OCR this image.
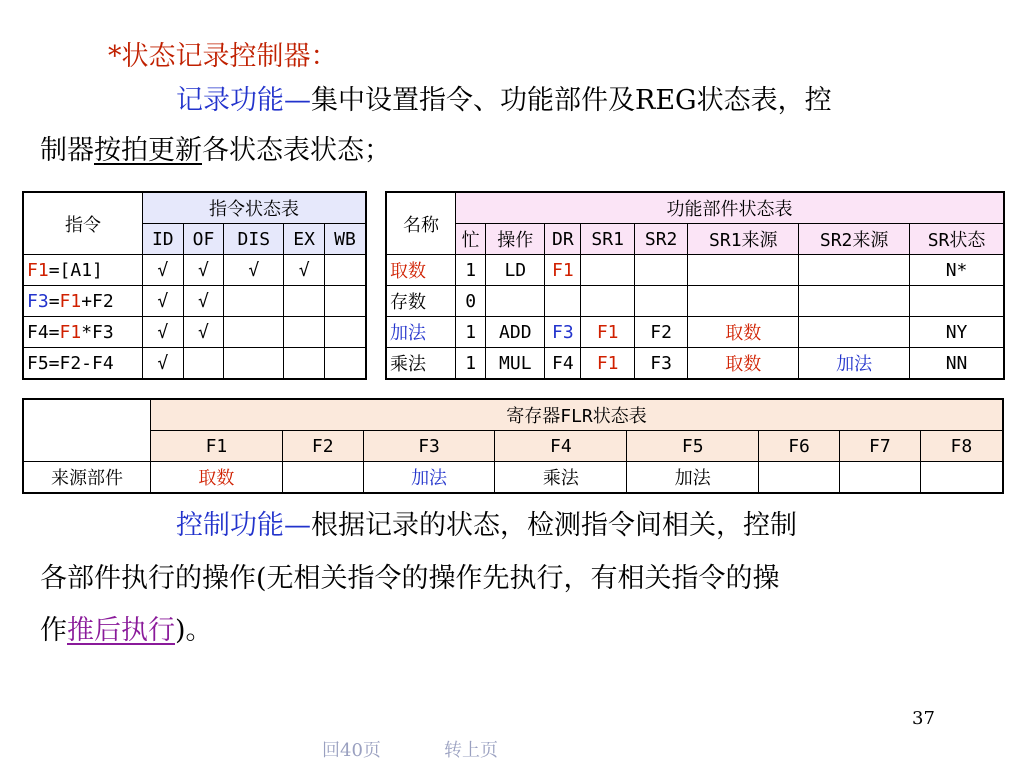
*状态记录控制器：
记录功能—集中设置指令、功能部件及REG状态表，控
制器按拍更新各状态表状态；
指令	指令状态表				
	ID	OF	DIS	EX	WB
F1=[A1]	√	√	√	√	
F3=F1+F2	√	√			
F4=F1*F3	√	√			
F5=F2-F4	√				
名称	功能部件状态表							
	忙	操作	DR	SR1	SR2	SR1来源	SR2来源	SR状态
取数	1	LD	F1					N*
存数	0							
加法	1	ADD	F3	F1	F2	取数		NY
乘法	1	MUL	F4	F1	F3	取数	加法	NN
	寄存器FLR状态表							
	F1	F2	F3	F4	F5	F6	F7	F8
来源部件	取数		加法	乘法	加法			
控制功能—根据记录的状态，检测指令间相关，控制
各部件执行的操作(无相关指令的操作先执行，有相关指令的操
作推后执行)。
37
回40页	转上页
